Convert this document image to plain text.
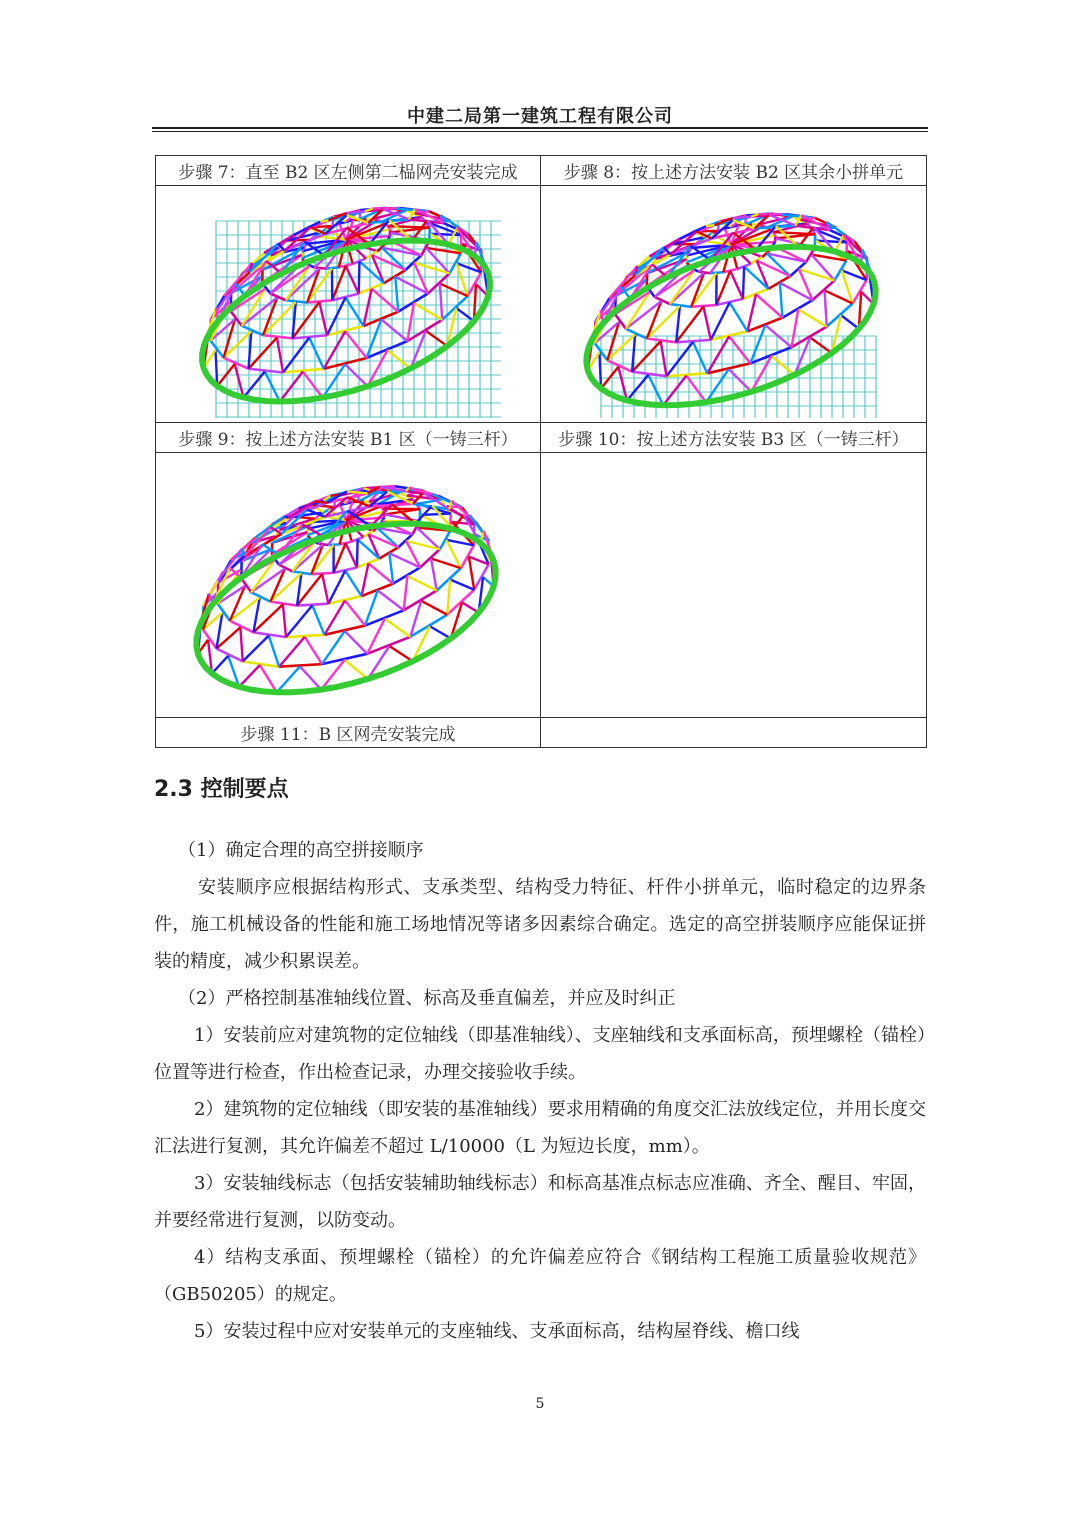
中建二局第一建筑工程有限公司
步骤 7：直至 B2 区左侧第二榀网壳安装完成	步骤 8：按上述方法安装 B2 区其余小拼单元

步骤 9：按上述方法安装 B1 区（一铸三杆）	步骤 10：按上述方法安装 B3 区（一铸三杆）

步骤 11：B 区网壳安装完成	
2.3 控制要点

（1）确定合理的高空拼接顺序

安装顺序应根据结构形式、支承类型、结构受力特征、杆件小拼单元，临时稳定的边界条件，施工机械设备的性能和施工场地情况等诸多因素综合确定。选定的高空拼装顺序应能保证拼装的精度，减少积累误差。

（2）严格控制基准轴线位置、标高及垂直偏差，并应及时纠正

1）安装前应对建筑物的定位轴线（即基准轴线）、支座轴线和支承面标高，预埋螺栓（锚栓）位置等进行检查，作出检查记录，办理交接验收手续。

2）建筑物的定位轴线（即安装的基准轴线）要求用精确的角度交汇法放线定位，并用长度交汇法进行复测，其允许偏差不超过 L/10000（L 为短边长度，mm）。

3）安装轴线标志（包括安装辅助轴线标志）和标高基准点标志应准确、齐全、醒目、牢固，并要经常进行复测，以防变动。

4）结构支承面、预埋螺栓（锚栓）的允许偏差应符合《钢结构工程施工质量验收规范》（GB50205）的规定。

5）安装过程中应对安装单元的支座轴线、支承面标高，结构屋脊线、檐口线

5
